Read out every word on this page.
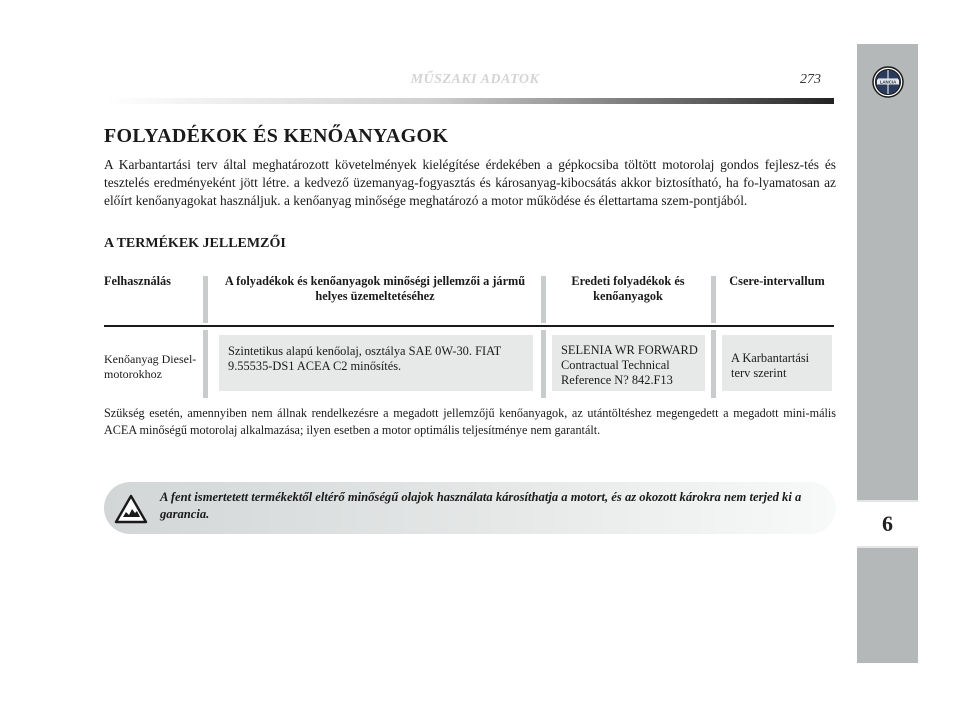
LANCIA
6
MŰSZAKI ADATOK	273
FOLYADÉKOK ÉS KENŐANYAGOK

A Karbantartási terv által meghatározott követelmények kielégítése érdekében a gépkocsiba töltött motorolaj gondos fejlesz-tés és tesztelés eredményeként jött létre. a kedvező üzemanyag-fogyasztás és károsanyag-kibocsátás akkor biztosítható, ha fo-lyamatosan az előírt kenőanyagokat használjuk. a kenőanyag minősége meghatározó a motor működése és élettartama szem-pontjából.

A TERMÉKEK JELLEMZŐI
Felhasználás	A folyadékok és kenőanyagok minőségi jellemzői a jármű helyes üzemeltetéséhez
Eredeti folyadékok és kenőanyagok
Csere-intervallum
Kenőanyag Diesel-motorokhoz
Szintetikus alapú kenőolaj, osztálya SAE 0W-30. FIAT 9.55535-DS1 ACEA C2 minősítés.
SELENIA WR FORWARD Contractual Technical Reference N? 842.F13
A Karbantartási terv szerint

Szükség esetén, amennyiben nem állnak rendelkezésre a megadott jellemzőjű kenőanyagok, az utántöltéshez megengedett a megadott mini-mális ACEA minőségű motorolaj alkalmazása; ilyen esetben a motor optimális teljesítménye nem garantált.

A fent ismertetett termékektől eltérő minőségű olajok használata károsíthatja a motort, és az okozott károkra nem terjed ki a garancia.
